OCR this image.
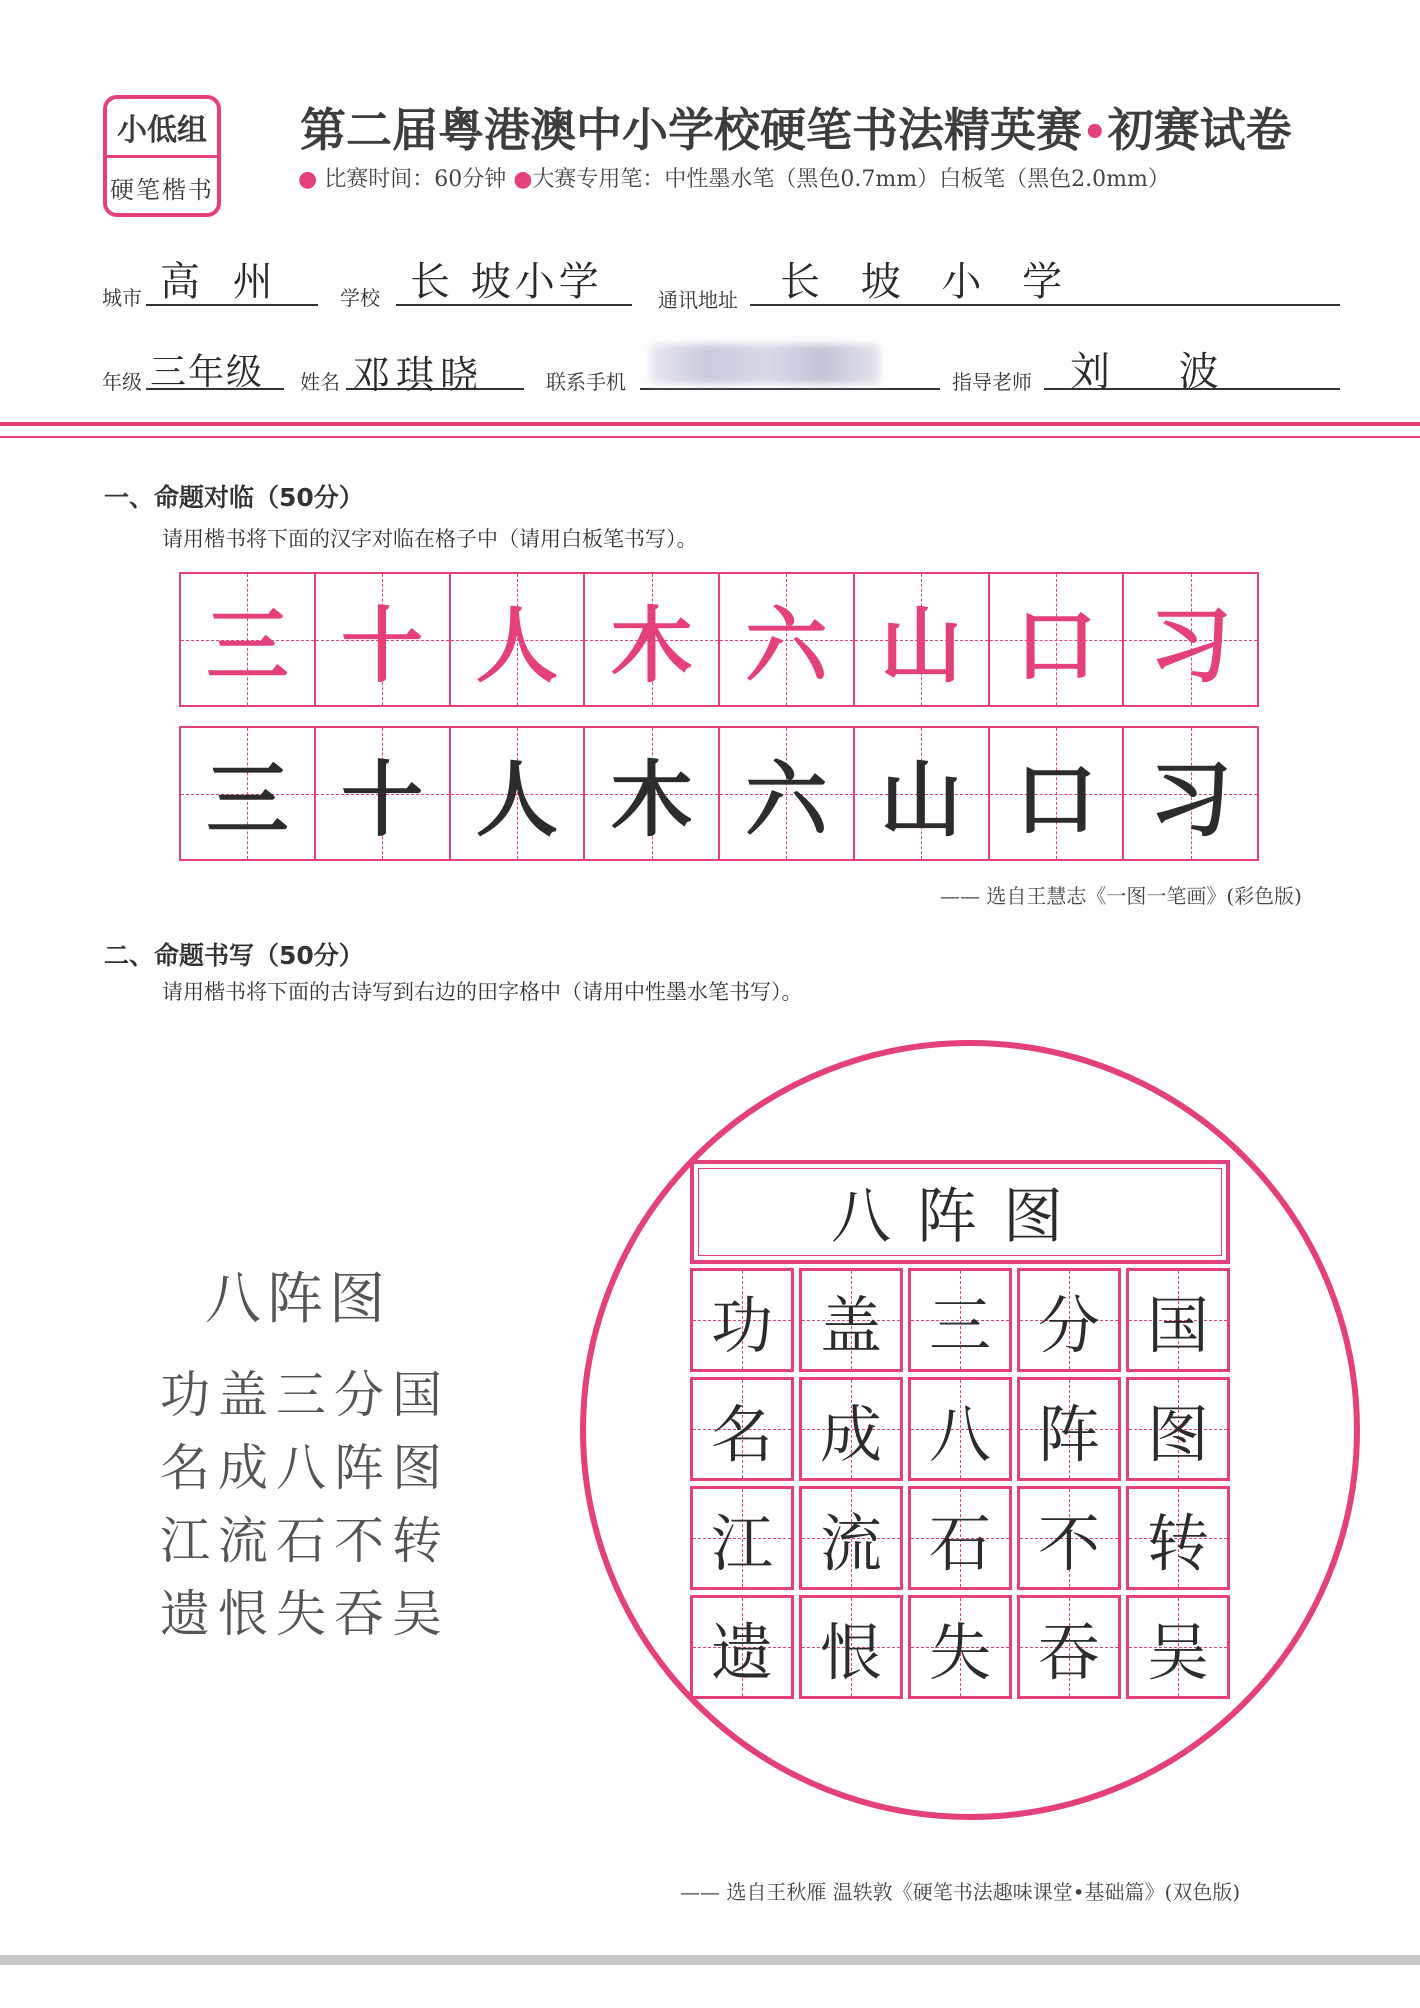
小低组
硬笔楷书
第二届粤港澳中小学校硬笔书法精英赛•初赛试卷
● 比赛时间：60分钟 ●大赛专用笔：中性墨水笔（黑色0.7mm）白板笔（黑色2.0mm）
城市 高 州	学校 长 坡小学	通讯地址 长 坡 小 学
年级 三年级 姓名 邓琪晓	联系手机	指导老师 刘 波
一、命题对临（50分）
请用楷书将下面的汉字对临在格子中（请用白板笔书写）。
三 十 人 木 六 山 口 习
三 十 人 木 六 山 口 习
—— 选自王慧志《一图一笔画》(彩色版)
二、命题书写（50分）
请用楷书将下面的古诗写到右边的田字格中（请用中性墨水笔书写）。
八阵图
功盖三分国
名成八阵图
江流石不转
遗恨失吞吴
八阵图
功 盖 三 分 国
名 成 八 阵 图
江 流 石 不 转
遗 恨 失 吞 吴
—— 选自王秋雁 温轶敦《硬笔书法趣味课堂•基础篇》(双色版)
